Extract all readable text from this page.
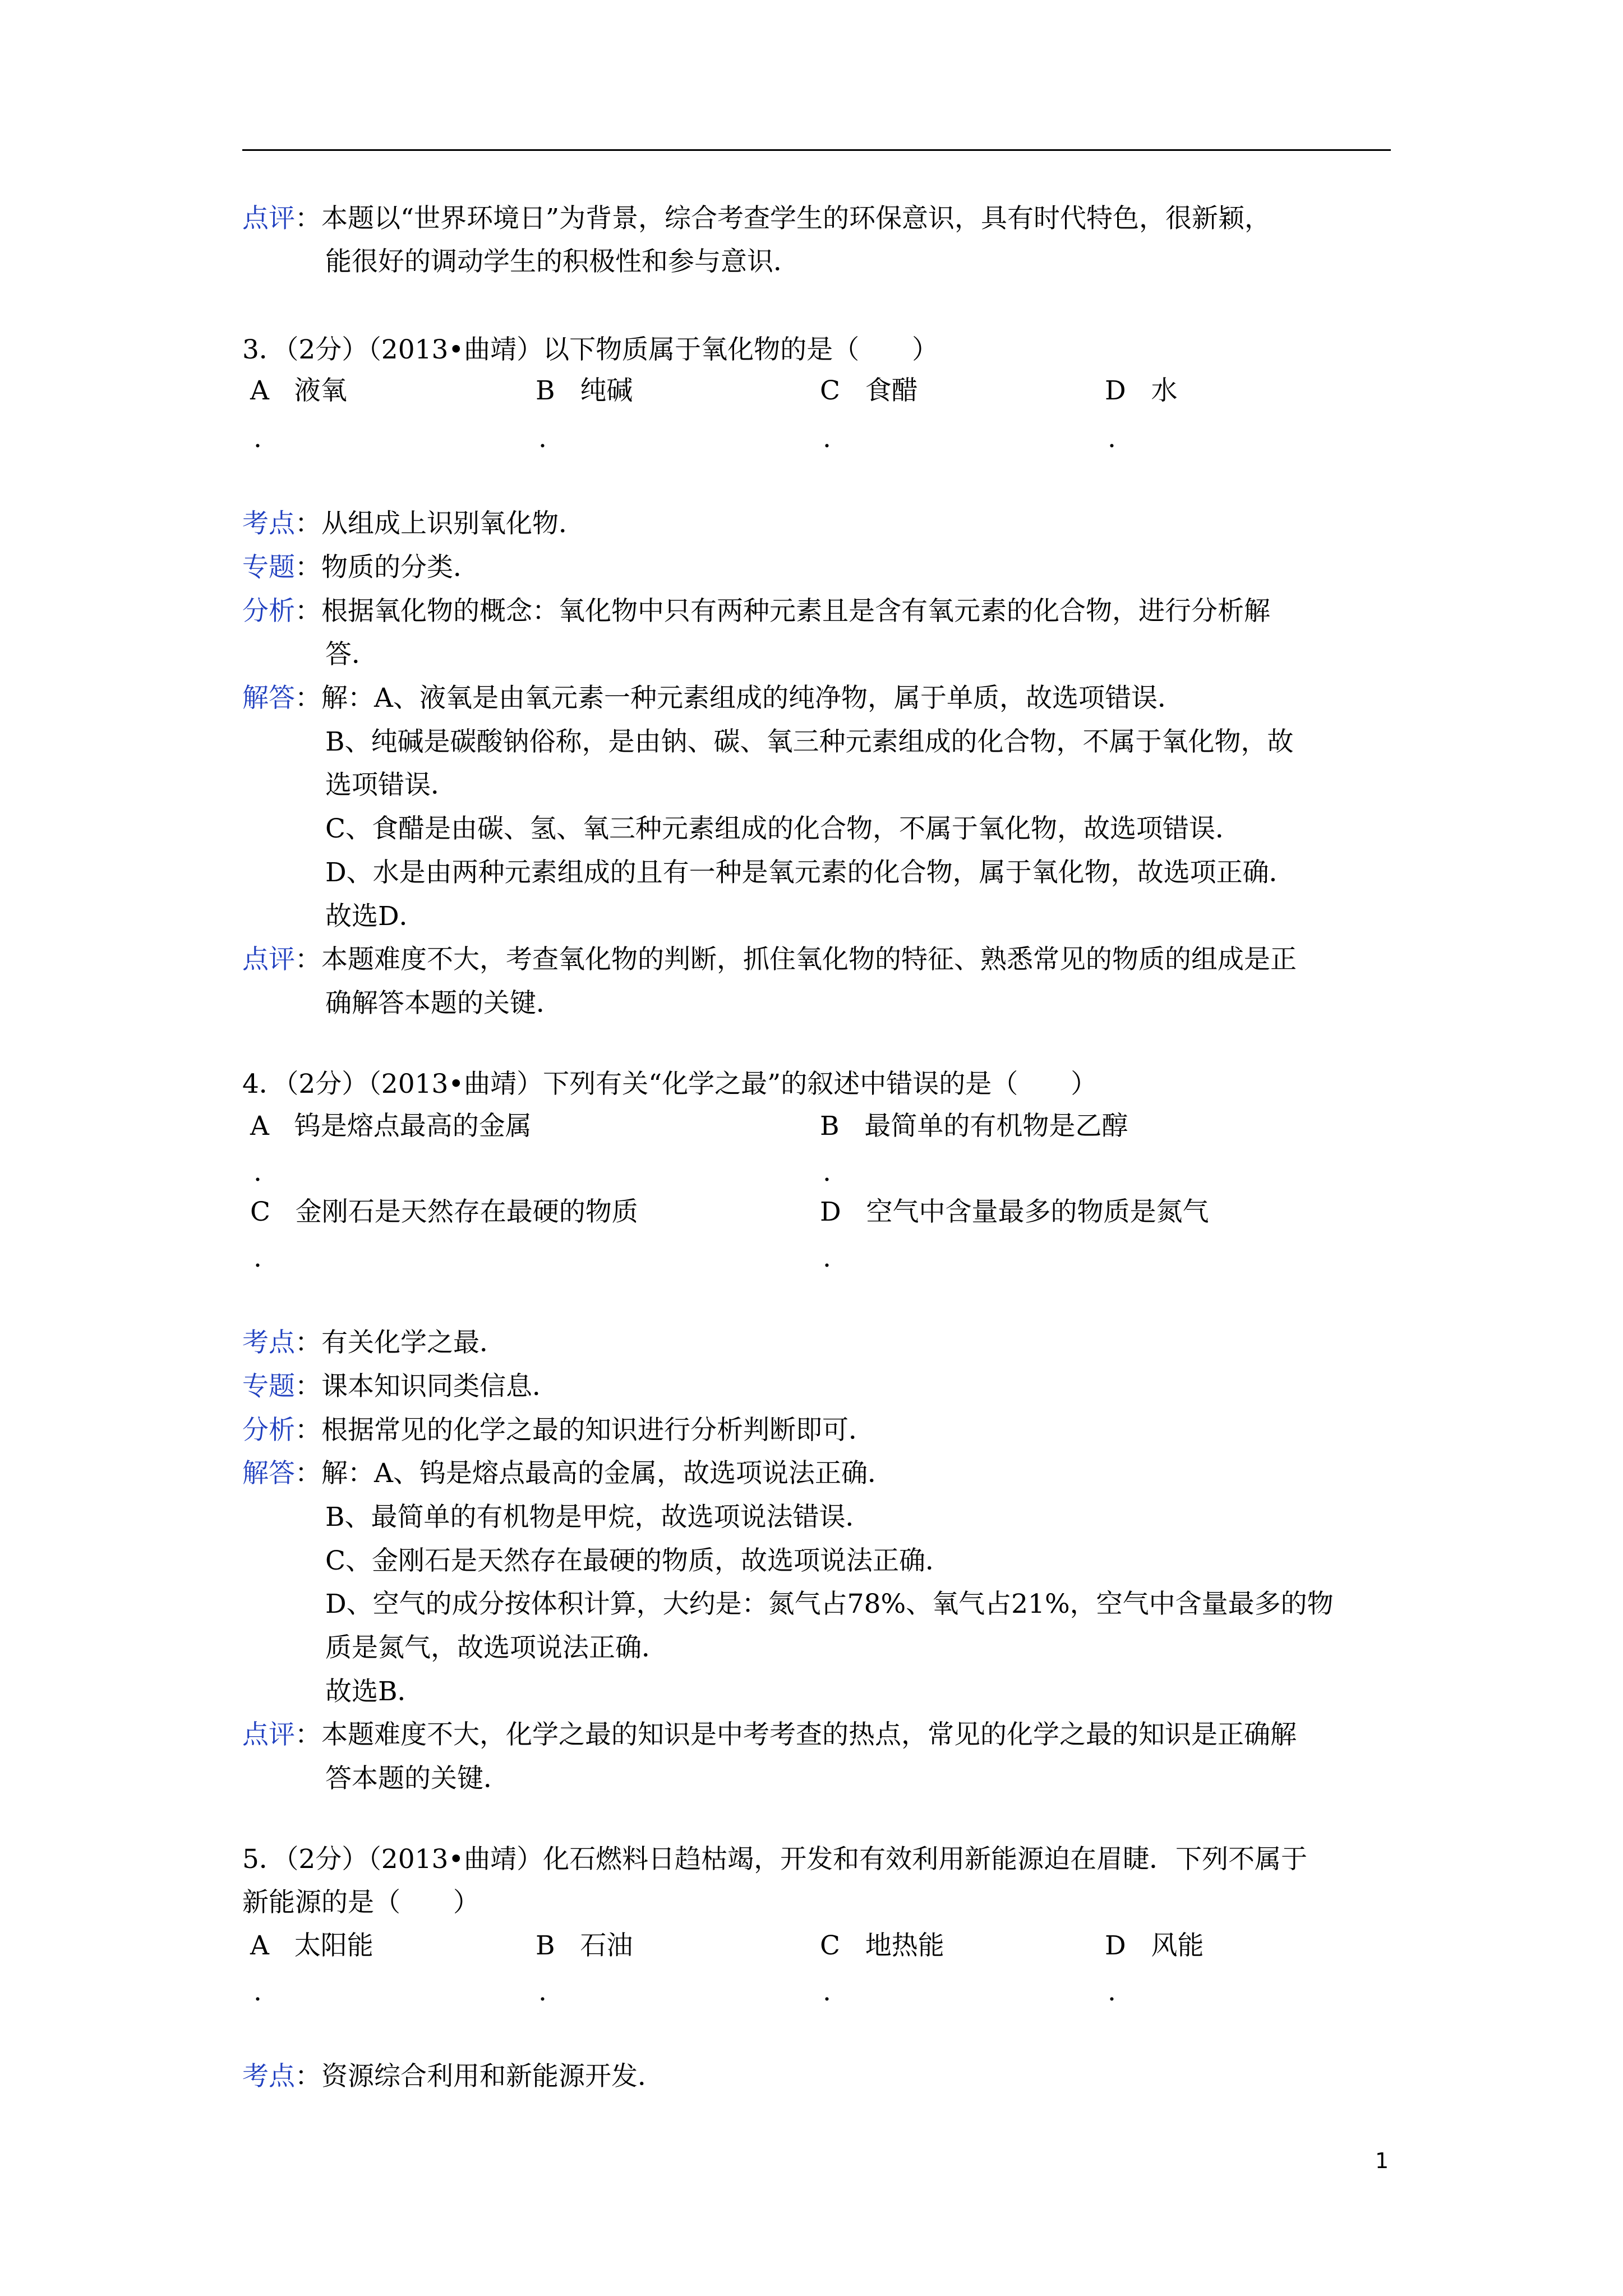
点评：本题以“世界环境日”为背景，综合考查学生的环保意识，具有时代特色，很新颖，
能很好的调动学生的积极性和参与意识．
3．（2分）（2013•曲靖）以下物质属于氧化物的是（　　）
A 液氧	B 纯碱	C 食醋	D 水
.	.	.	.
考点：从组成上识别氧化物．
专题：物质的分类．
分析：根据氧化物的概念：氧化物中只有两种元素且是含有氧元素的化合物，进行分析解
答．
解答：解：A、液氧是由氧元素一种元素组成的纯净物，属于单质，故选项错误．
B、纯碱是碳酸钠俗称，是由钠、碳、氧三种元素组成的化合物，不属于氧化物，故
选项错误．
C、食醋是由碳、氢、氧三种元素组成的化合物，不属于氧化物，故选项错误．
D、水是由两种元素组成的且有一种是氧元素的化合物，属于氧化物，故选项正确．
故选D．
点评：本题难度不大，考查氧化物的判断，抓住氧化物的特征、熟悉常见的物质的组成是正
确解答本题的关键．
4．（2分）（2013•曲靖）下列有关“化学之最”的叙述中错误的是（　　）
A 钨是熔点最高的金属	B 最简单的有机物是乙醇
.	.
C 金刚石是天然存在最硬的物质	D 空气中含量最多的物质是氮气
.	.
考点：有关化学之最．
专题：课本知识同类信息．
分析：根据常见的化学之最的知识进行分析判断即可．
解答：解：A、钨是熔点最高的金属，故选项说法正确．
B、最简单的有机物是甲烷，故选项说法错误．
C、金刚石是天然存在最硬的物质，故选项说法正确．
D、空气的成分按体积计算，大约是：氮气占78%、氧气占21%，空气中含量最多的物
质是氮气，故选项说法正确．
故选B．
点评：本题难度不大，化学之最的知识是中考考查的热点，常见的化学之最的知识是正确解
答本题的关键．
5．（2分）（2013•曲靖）化石燃料日趋枯竭，开发和有效利用新能源迫在眉睫．下列不属于
新能源的是（　　）
A 太阳能	B 石油	C 地热能	D 风能
.	.	.	.
考点：资源综合利用和新能源开发．
1
